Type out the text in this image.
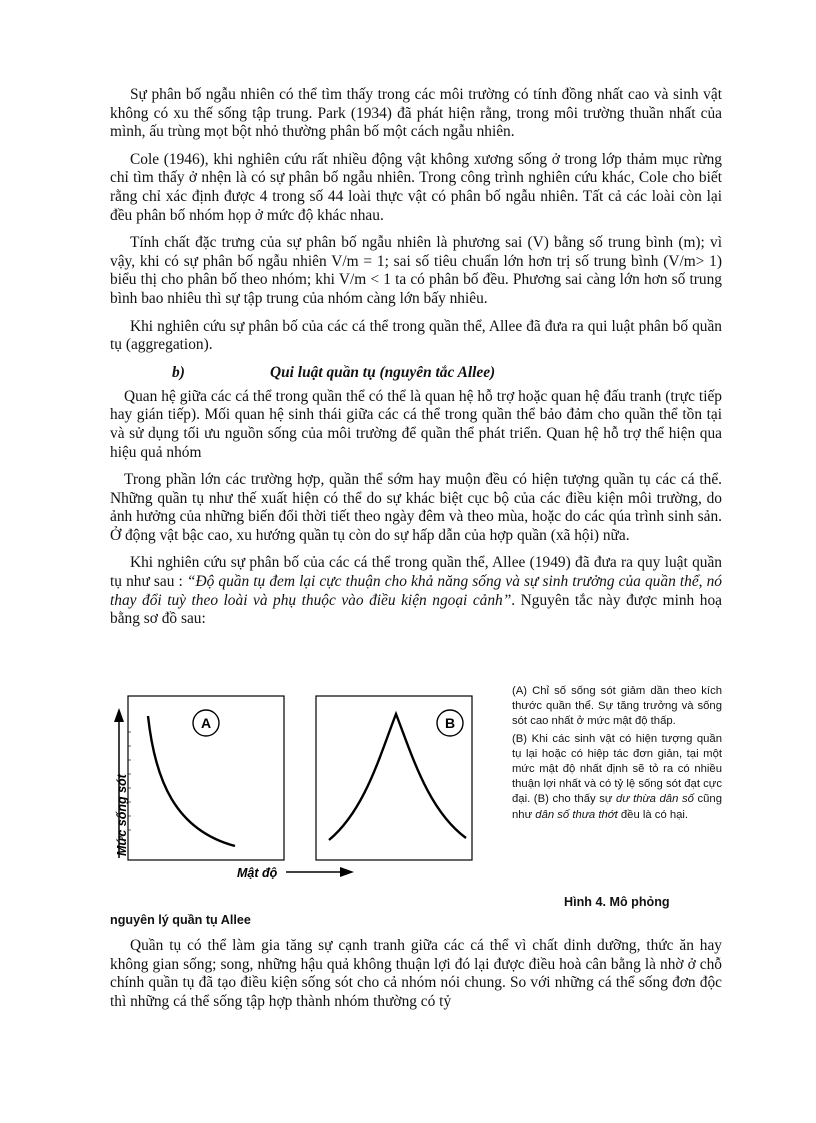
Sự phân bố ngẫu nhiên có thể tìm thấy trong các môi trường có tính đồng nhất cao và sinh vật không có xu thế sống tập trung. Park (1934) đã phát hiện rằng, trong môi trường thuần nhất của mình, ấu trùng mọt bột nhỏ thường phân bố một cách ngẫu nhiên.

Cole (1946), khi nghiên cứu rất nhiều động vật không xương sống ở trong lớp thảm mục rừng chỉ tìm thấy ở nhện là có sự phân bố ngẫu nhiên. Trong công trình nghiên cứu khác, Cole cho biết rằng chỉ xác định được 4 trong số 44 loài thực vật có phân bố ngẫu nhiên. Tất cả các loài còn lại đều phân bố nhóm họp ở mức độ khác nhau.

Tính chất đặc trưng của sự phân bố ngẫu nhiên là phương sai (V) bằng số trung bình (m); vì vậy, khi có sự phân bố ngẫu nhiên V/m = 1; sai số tiêu chuẩn lớn hơn trị số trung bình (V/m> 1) biểu thị cho phân bố theo nhóm; khi V/m < 1 ta có phân bố đều. Phương sai càng lớn hơn số trung bình bao nhiêu thì sự tập trung của nhóm càng lớn bấy nhiêu.

Khi nghiên cứu sự phân bố của các cá thể trong quần thể, Allee đã đưa ra qui luật phân bố quần tụ (aggregation).

b)	Qui luật quần tụ (nguyên tắc Allee)

Quan hệ giữa các cá thể trong quần thể có thể là quan hệ hỗ trợ hoặc quan hệ đấu tranh (trực tiếp hay gián tiếp). Mối quan hệ sinh thái giữa các cá thể trong quần thể bảo đảm cho quần thể tồn tại và sử dụng tối ưu nguồn sống của môi trường để quần thể phát triển. Quan hệ hỗ trợ thể hiện qua hiệu quả nhóm

Trong phần lớn các trường hợp, quần thể sớm hay muộn đều có hiện tượng quần tụ các cá thể. Những quần tụ như thế xuất hiện có thể do sự khác biệt cục bộ của các điều kiện môi trường, do ảnh hưởng của những biến đổi thời tiết theo ngày đêm và theo mùa, hoặc do các qúa trình sinh sản. Ở động vật bậc cao, xu hướng quần tụ còn do sự hấp dẫn của hợp quần (xã hội) nữa.

Khi nghiên cứu sự phân bố của các cá thể trong quần thể, Allee (1949) đã đưa ra quy luật quần tụ như sau : “Độ quần tụ đem lại cực thuận cho khả năng sống và sự sinh trưởng của quần thể, nó thay đổi tuỳ theo loài và phụ thuộc vào điều kiện ngoại cảnh”. Nguyên tắc này được minh hoạ bằng sơ đồ sau:

A	B
Mức sống sót
Mật độ

(A) Chỉ số sống sót giảm dần theo kích thước quần thể. Sự tăng trưởng và sống sót cao nhất ở mức mật độ thấp.

(B) Khi các sinh vật có hiện tượng quần tụ lại hoặc có hiệp tác đơn giản, tại một mức mật độ nhất định sẽ tỏ ra có nhiều thuận lợi nhất và có tỷ lệ sống sót đạt cực đại. (B) cho thấy sự dư thừa dân số cũng như dân số thưa thớt đều là có hại.

Hình 4. Mô phỏng
nguyên lý quần tụ Allee

Quần tụ có thể làm gia tăng sự cạnh tranh giữa các cá thể vì chất dinh dưỡng, thức ăn hay không gian sống; song, những hậu quả không thuận lợi đó lại được điều hoà cân bằng là nhờ ở chỗ chính quần tụ đã tạo điều kiện sống sót cho cả nhóm nói chung. So với những cá thể sống đơn độc thì những cá thể sống tập hợp thành nhóm thường có tỷ
